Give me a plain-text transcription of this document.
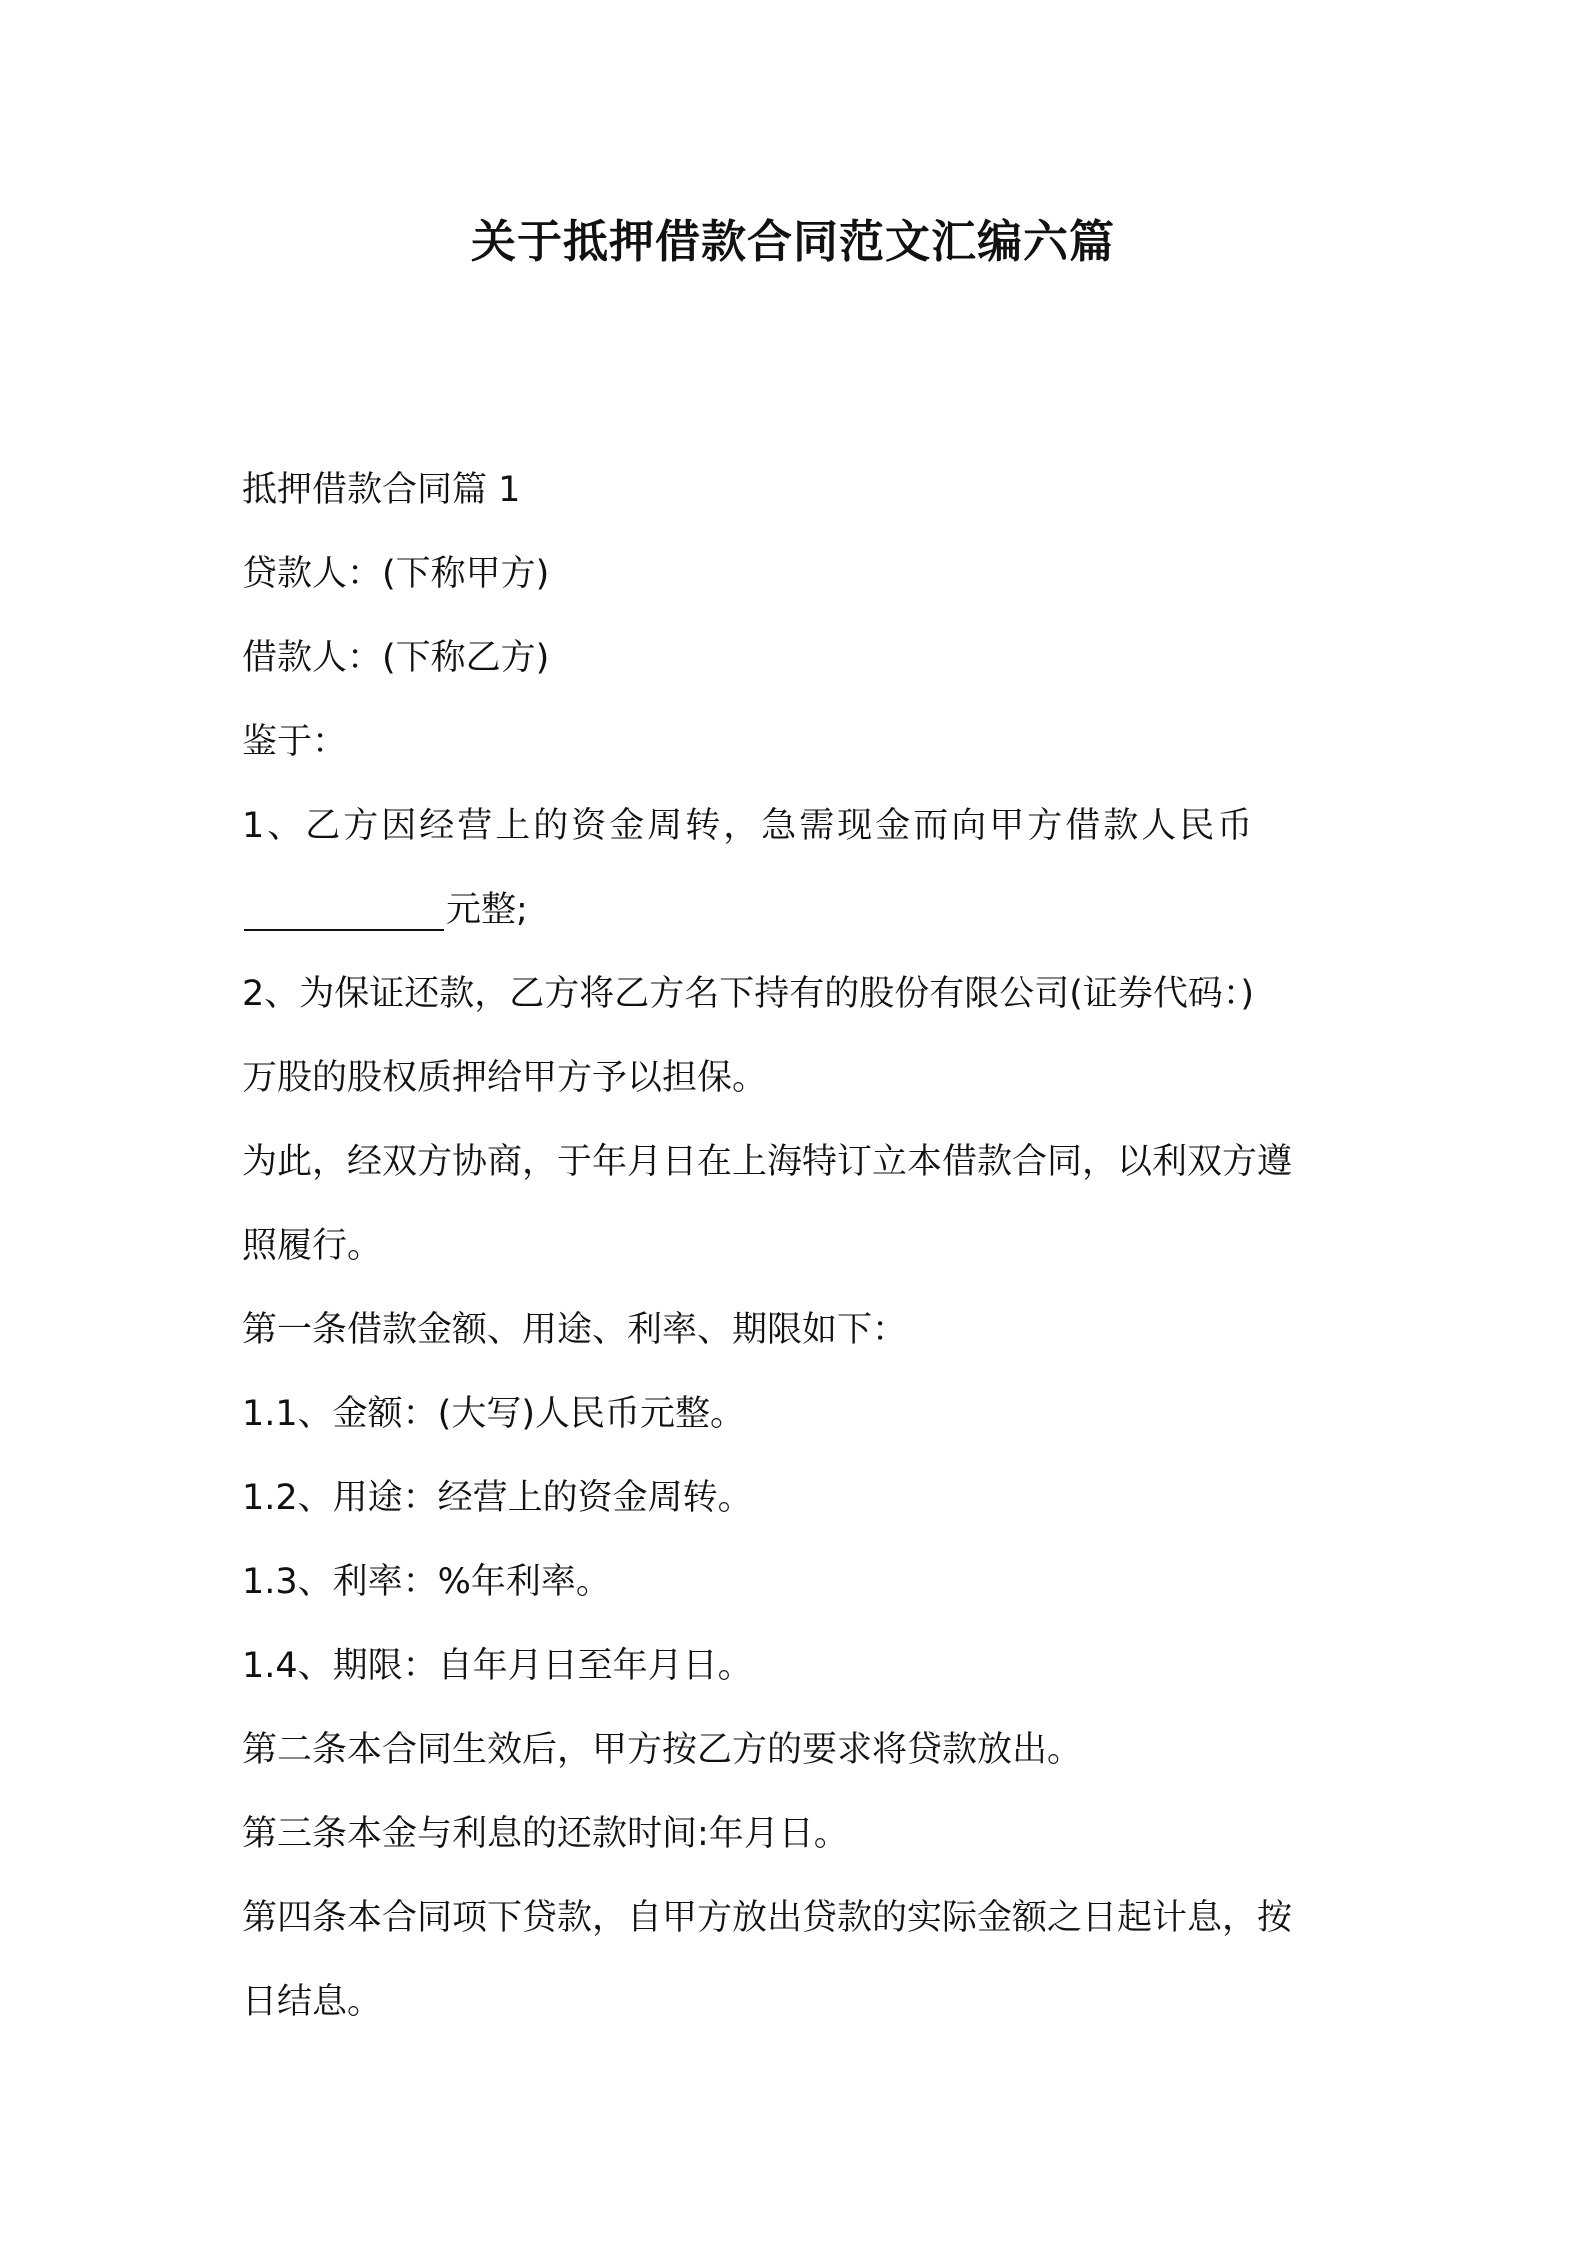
关于抵押借款合同范文汇编六篇
抵押借款合同篇 1
贷款人：(下称甲方)
借款人：(下称乙方)
鉴于：
1、乙方因经营上的资金周转，急需现金而向甲方借款人民币
元整;
2、为保证还款，乙方将乙方名下持有的股份有限公司(证券代码：)
万股的股权质押给甲方予以担保。
为此，经双方协商，于年月日在上海特订立本借款合同，以利双方遵
照履行。
第一条借款金额、用途、利率、期限如下：
1.1、金额：(大写)人民币元整。
1.2、用途：经营上的资金周转。
1.3、利率：%年利率。
1.4、期限：自年月日至年月日。
第二条本合同生效后，甲方按乙方的要求将贷款放出。
第三条本金与利息的还款时间:年月日。
第四条本合同项下贷款，自甲方放出贷款的实际金额之日起计息，按
日结息。
